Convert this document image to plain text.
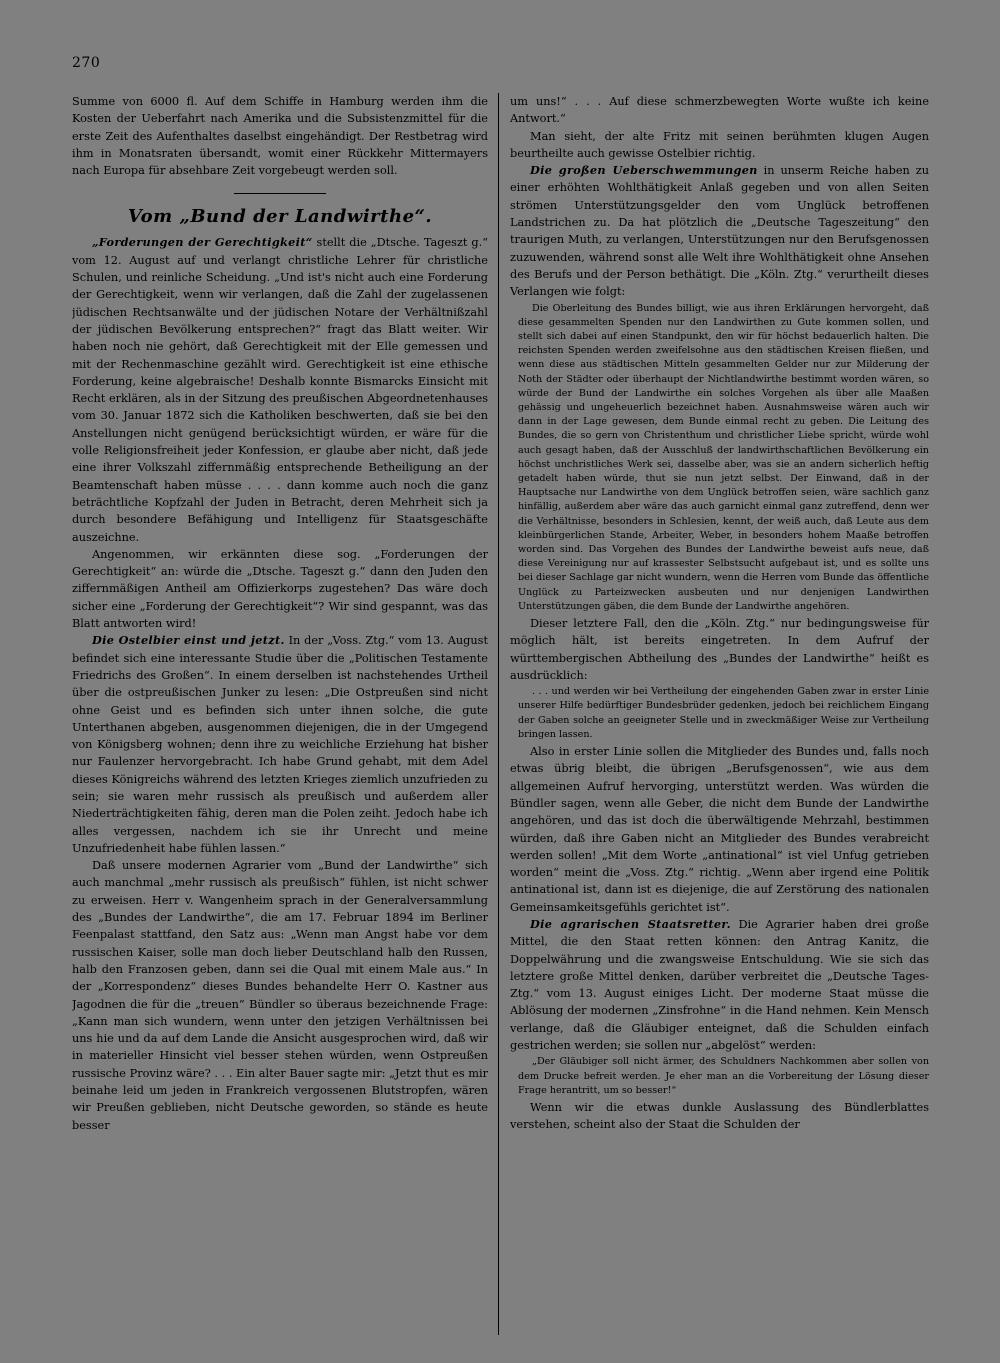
270

Summe von 6000 fl. Auf dem Schiffe in Hamburg werden ihm die Kosten der Ueberfahrt nach Amerika und die Subsistenzmittel für die erste Zeit des Aufenthaltes daselbst eingehändigt. Der Restbetrag wird ihm in Monatsraten übersandt, womit einer Rückkehr Mittermayers nach Europa für absehbare Zeit vorgebeugt werden soll.

Vom „Bund der Landwirthe“.

„Forderungen der Gerechtigkeit“ stellt die „Dtsche. Tageszt g.“ vom 12. August auf und verlangt christliche Lehrer für christliche Schulen, und reinliche Scheidung. „Und ist's nicht auch eine Forderung der Gerechtigkeit, wenn wir verlangen, daß die Zahl der zugelassenen jüdischen Rechtsanwälte und der jüdischen Notare der Verhältnißzahl der jüdischen Bevölkerung entsprechen?“ fragt das Blatt weiter. Wir haben noch nie gehört, daß Gerechtigkeit mit der Elle gemessen und mit der Rechenmaschine gezählt wird. Gerechtigkeit ist eine ethische Forderung, keine algebraische! Deshalb konnte Bismarcks Einsicht mit Recht erklären, als in der Sitzung des preußischen Abgeordnetenhauses vom 30. Januar 1872 sich die Katholiken beschwerten, daß sie bei den Anstellungen nicht genügend berücksichtigt würden, er wäre für die volle Religionsfreiheit jeder Konfession, er glaube aber nicht, daß jede eine ihrer Volkszahl ziffernmäßig entsprechende Betheiligung an der Beamtenschaft haben müsse . . . . dann komme auch noch die ganz beträchtliche Kopfzahl der Juden in Betracht, deren Mehrheit sich ja durch besondere Befähigung und Intelligenz für Staatsgeschäfte auszeichne.

Angenommen, wir erkännten diese sog. „Forderungen der Gerechtigkeit“ an: würde die „Dtsche. Tageszt g.“ dann den Juden den ziffernmäßigen Antheil am Offizierkorps zugestehen? Das wäre doch sicher eine „Forderung der Gerechtigkeit“? Wir sind gespannt, was das Blatt antworten wird!

Die Ostelbier einst und jetzt. In der „Voss. Ztg.“ vom 13. August befindet sich eine interessante Studie über die „Politischen Testamente Friedrichs des Großen“. In einem derselben ist nachstehendes Urtheil über die ostpreußischen Junker zu lesen: „Die Ostpreußen sind nicht ohne Geist und es befinden sich unter ihnen solche, die gute Unterthanen abgeben, ausgenommen diejenigen, die in der Umgegend von Königsberg wohnen; denn ihre zu weichliche Erziehung hat bisher nur Faulenzer hervorgebracht. Ich habe Grund gehabt, mit dem Adel dieses Königreichs während des letzten Krieges ziemlich unzufrieden zu sein; sie waren mehr russisch als preußisch und außerdem aller Niederträchtigkeiten fähig, deren man die Polen zeiht. Jedoch habe ich alles vergessen, nachdem ich sie ihr Unrecht und meine Unzufriedenheit habe fühlen lassen.“

Daß unsere modernen Agrarier vom „Bund der Landwirthe“ sich auch manchmal „mehr russisch als preußisch“ fühlen, ist nicht schwer zu erweisen. Herr v. Wangenheim sprach in der Generalversammlung des „Bundes der Landwirthe“, die am 17. Februar 1894 im Berliner Feenpalast stattfand, den Satz aus: „Wenn man Angst habe vor dem russischen Kaiser, solle man doch lieber Deutschland halb den Russen, halb den Franzosen geben, dann sei die Qual mit einem Male aus.“ In der „Korrespondenz“ dieses Bundes behandelte Herr O. Kastner aus Jagodnen die für die „treuen“ Bündler so überaus bezeichnende Frage: „Kann man sich wundern, wenn unter den jetzigen Verhältnissen bei uns hie und da auf dem Lande die Ansicht ausgesprochen wird, daß wir in materieller Hinsicht viel besser stehen würden, wenn Ostpreußen russische Provinz wäre? . . . Ein alter Bauer sagte mir: „Jetzt thut es mir beinahe leid um jeden in Frankreich vergossenen Blutstropfen, wären wir Preußen geblieben, nicht Deutsche geworden, so stände es heute besser

um uns!“ . . . Auf diese schmerzbewegten Worte wußte ich keine Antwort.“

Man sieht, der alte Fritz mit seinen berühmten klugen Augen beurtheilte auch gewisse Ostelbier richtig.

Die großen Ueberschwemmungen in unserm Reiche haben zu einer erhöhten Wohlthätigkeit Anlaß gegeben und von allen Seiten strömen Unterstützungsgelder den vom Unglück betroffenen Landstrichen zu. Da hat plötzlich die „Deutsche Tageszeitung“ den traurigen Muth, zu verlangen, Unterstützungen nur den Berufsgenossen zuzuwenden, während sonst alle Welt ihre Wohlthätigkeit ohne Ansehen des Berufs und der Person bethätigt. Die „Köln. Ztg.“ verurtheilt dieses Verlangen wie folgt:

Die Oberleitung des Bundes billigt, wie aus ihren Erklärungen hervorgeht, daß diese gesammelten Spenden nur den Landwirthen zu Gute kommen sollen, und stellt sich dabei auf einen Standpunkt, den wir für höchst bedauerlich halten. Die reichsten Spenden werden zweifelsohne aus den städtischen Kreisen fließen, und wenn diese aus städtischen Mitteln gesammelten Gelder nur zur Milderung der Noth der Städter oder überhaupt der Nichtlandwirthe bestimmt worden wären, so würde der Bund der Landwirthe ein solches Vorgehen als über alle Maaßen gehässig und ungeheuerlich bezeichnet haben. Ausnahmsweise wären auch wir dann in der Lage gewesen, dem Bunde einmal recht zu geben. Die Leitung des Bundes, die so gern von Christenthum und christlicher Liebe spricht, würde wohl auch gesagt haben, daß der Ausschluß der landwirthschaftlichen Bevölkerung ein höchst unchristliches Werk sei, dasselbe aber, was sie an andern sicherlich heftig getadelt haben würde, thut sie nun jetzt selbst. Der Einwand, daß in der Hauptsache nur Landwirthe von dem Unglück betroffen seien, wäre sachlich ganz hinfällig, außerdem aber wäre das auch garnicht einmal ganz zutreffend, denn wer die Verhältnisse, besonders in Schlesien, kennt, der weiß auch, daß Leute aus dem kleinbürgerlichen Stande, Arbeiter, Weber, in besonders hohem Maaße betroffen worden sind. Das Vorgehen des Bundes der Landwirthe beweist aufs neue, daß diese Vereinigung nur auf krassester Selbstsucht aufgebaut ist, und es sollte uns bei dieser Sachlage gar nicht wundern, wenn die Herren vom Bunde das öffentliche Unglück zu Parteizwecken ausbeuten und nur denjenigen Landwirthen Unterstützungen gäben, die dem Bunde der Landwirthe angehören.

Dieser letztere Fall, den die „Köln. Ztg.“ nur bedingungsweise für möglich hält, ist bereits eingetreten. In dem Aufruf der württembergischen Abtheilung des „Bundes der Landwirthe“ heißt es ausdrücklich:

. . . und werden wir bei Vertheilung der eingehenden Gaben zwar in erster Linie unserer Hilfe bedürftiger Bundesbrüder gedenken, jedoch bei reichlichem Eingang der Gaben solche an geeigneter Stelle und in zweckmäßiger Weise zur Vertheilung bringen lassen.

Also in erster Linie sollen die Mitglieder des Bundes und, falls noch etwas übrig bleibt, die übrigen „Berufsgenossen“, wie aus dem allgemeinen Aufruf hervorging, unterstützt werden. Was würden die Bündler sagen, wenn alle Geber, die nicht dem Bunde der Landwirthe angehören, und das ist doch die überwältigende Mehrzahl, bestimmen würden, daß ihre Gaben nicht an Mitglieder des Bundes verabreicht werden sollen! „Mit dem Worte „antinational“ ist viel Unfug getrieben worden“ meint die „Voss. Ztg.“ richtig. „Wenn aber irgend eine Politik antinational ist, dann ist es diejenige, die auf Zerstörung des nationalen Gemeinsamkeitsgefühls gerichtet ist“.

Die agrarischen Staatsretter. Die Agrarier haben drei große Mittel, die den Staat retten können: den Antrag Kanitz, die Doppelwährung und die zwangsweise Entschuldung. Wie sie sich das letztere große Mittel denken, darüber verbreitet die „Deutsche Tages-Ztg.“ vom 13. August einiges Licht. Der moderne Staat müsse die Ablösung der modernen „Zinsfrohne“ in die Hand nehmen. Kein Mensch verlange, daß die Gläubiger enteignet, daß die Schulden einfach gestrichen werden; sie sollen nur „abgelöst“ werden:

„Der Gläubiger soll nicht ärmer, des Schuldners Nachkommen aber sollen von dem Drucke befreit werden. Je eher man an die Vorbereitung der Lösung dieser Frage herantritt, um so besser!“

Wenn wir die etwas dunkle Auslassung des Bündlerblattes verstehen, scheint also der Staat die Schulden der
